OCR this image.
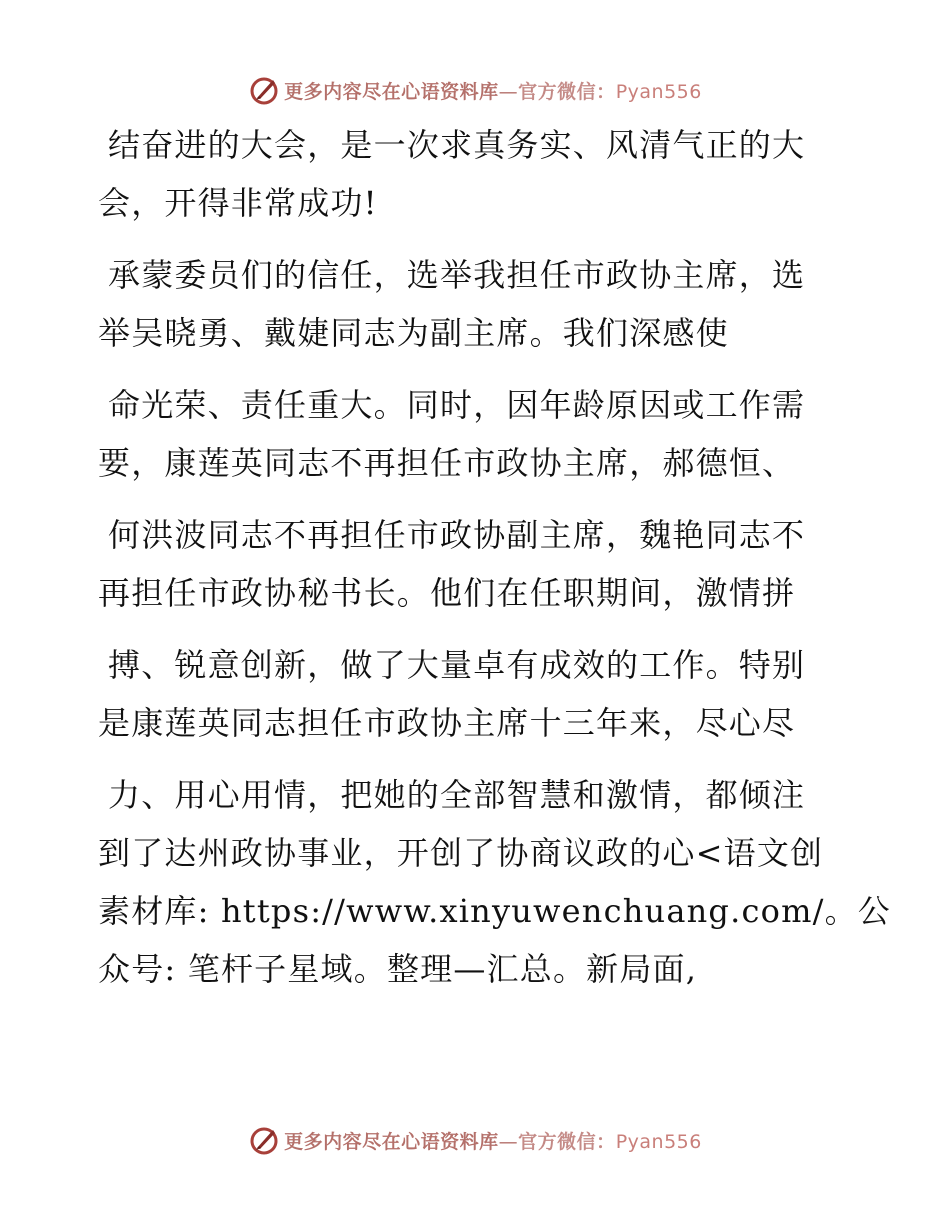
更多内容尽在心语资料库—官方微信：Pyan556
结奋进的大会，是一次求真务实、风清气正的大
会，开得非常成功!
承蒙委员们的信任，选举我担任市政协主席，选
举吴晓勇、戴婕同志为副主席。我们深感使
命光荣、责任重大。同时，因年龄原因或工作需
要，康莲英同志不再担任市政协主席，郝德恒、
何洪波同志不再担任市政协副主席，魏艳同志不
再担任市政协秘书长。他们在任职期间，激情拼
搏、锐意创新，做了大量卓有成效的工作。特别
是康莲英同志担任市政协主席十三年来，尽心尽
力、用心用情，把她的全部智慧和激情，都倾注
到了达州政协事业，开创了协商议政的心<语文创
素材库: https://www.xinyuwenchuang.com/。公
众号: 笔杆子星域。整理—汇总。新局面,
更多内容尽在心语资料库—官方微信：Pyan556
